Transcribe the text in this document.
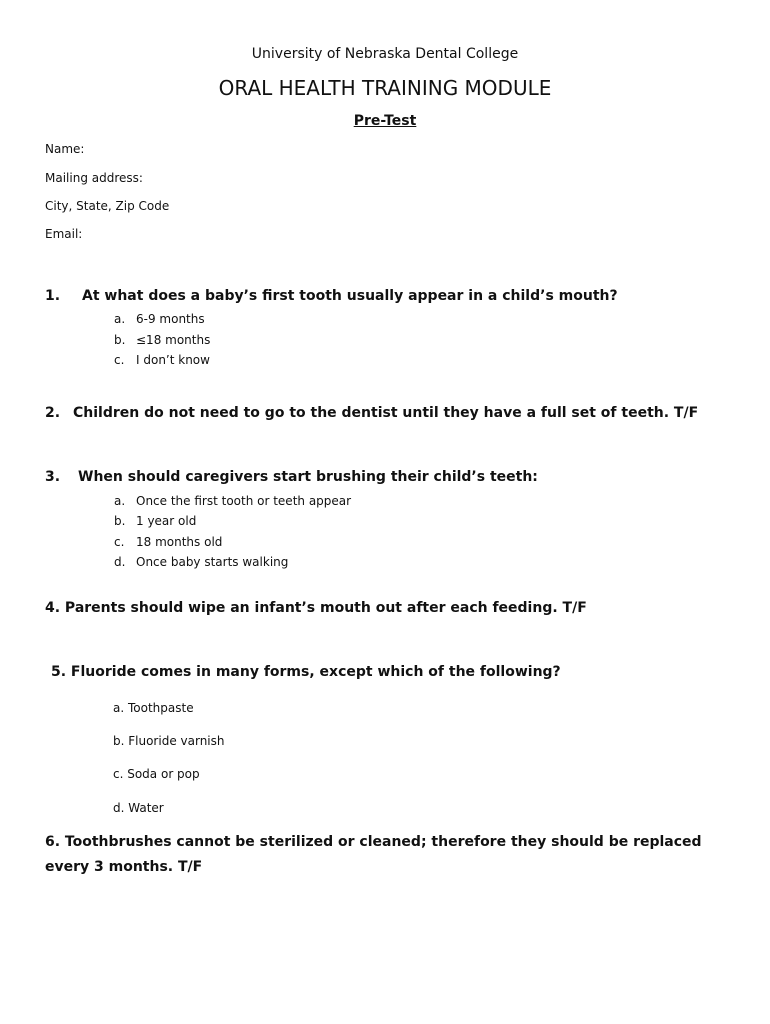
University of Nebraska Dental College
ORAL HEALTH TRAINING MODULE
Pre-Test
Name:
Mailing address:
City, State, Zip Code
Email:
1. At what does a baby’s first tooth usually appear in a child’s mouth?
a. 6-9 months
b. ≤18 months
c. I don’t know
2. Children do not need to go to the dentist until they have a full set of teeth. T/F
3. When should caregivers start brushing their child’s teeth:
a. Once the first tooth or teeth appear
b. 1 year old
c. 18 months old
d. Once baby starts walking
4. Parents should wipe an infant’s mouth out after each feeding. T/F
5. Fluoride comes in many forms, except which of the following?
a. Toothpaste
b. Fluoride varnish
c. Soda or pop
d. Water
6. Toothbrushes cannot be sterilized or cleaned; therefore they should be replaced
every 3 months. T/F
